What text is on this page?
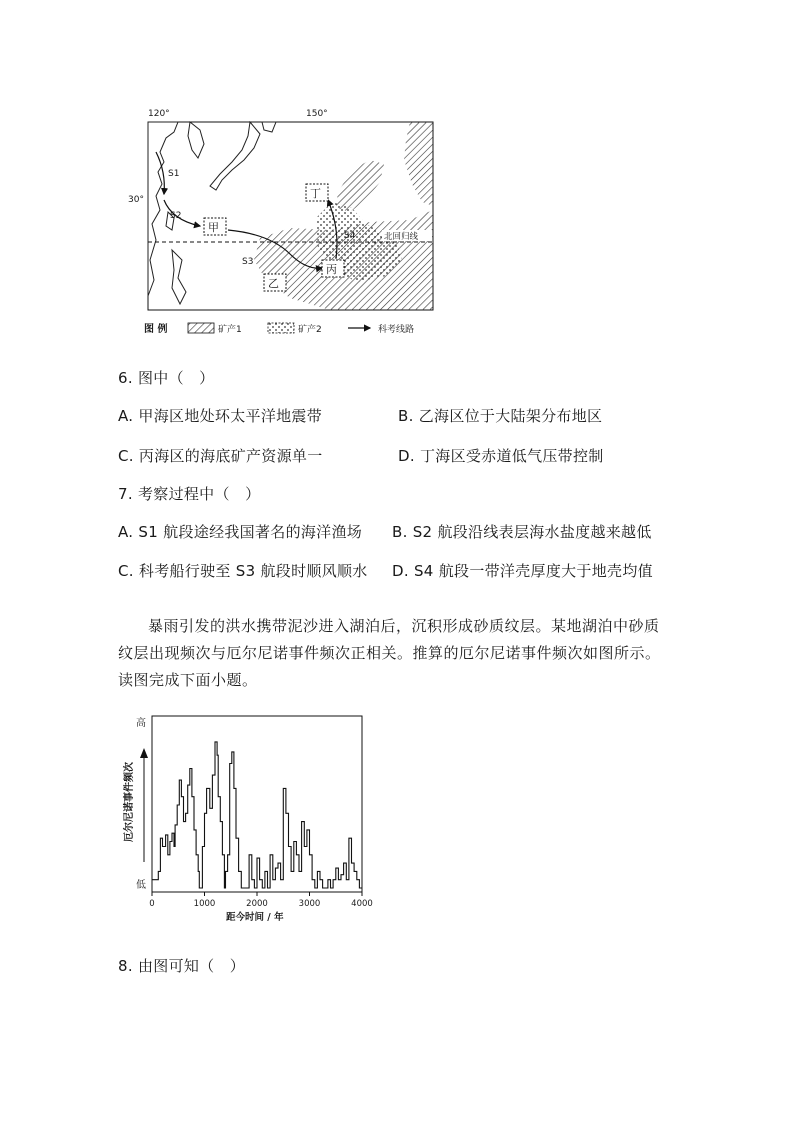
120°	150°
30°
北回归线
S1
S2
S3
S4
甲
乙
丙
丁
图 例	矿产1	矿产2	科考线路
6. 图中（　）
A. 甲海区地处环太平洋地震带	B. 乙海区位于大陆架分布地区
C. 丙海区的海底矿产资源单一	D. 丁海区受赤道低气压带控制
7. 考察过程中（　）
A. S1 航段途经我国著名的海洋渔场 B. S2 航段沿线表层海水盐度越来越低
C. 科考船行驶至 S3 航段时顺风顺水 D. S4 航段一带洋壳厚度大于地壳均值
暴雨引发的洪水携带泥沙进入湖泊后，沉积形成砂质纹层。某地湖泊中砂质
纹层出现频次与厄尔尼诺事件频次正相关。推算的厄尔尼诺事件频次如图所示。
读图完成下面小题。
高
低
厄尔尼诺事件频次
0	1000	2000	3000	4000
距今时间 / 年
8. 由图可知（　）
